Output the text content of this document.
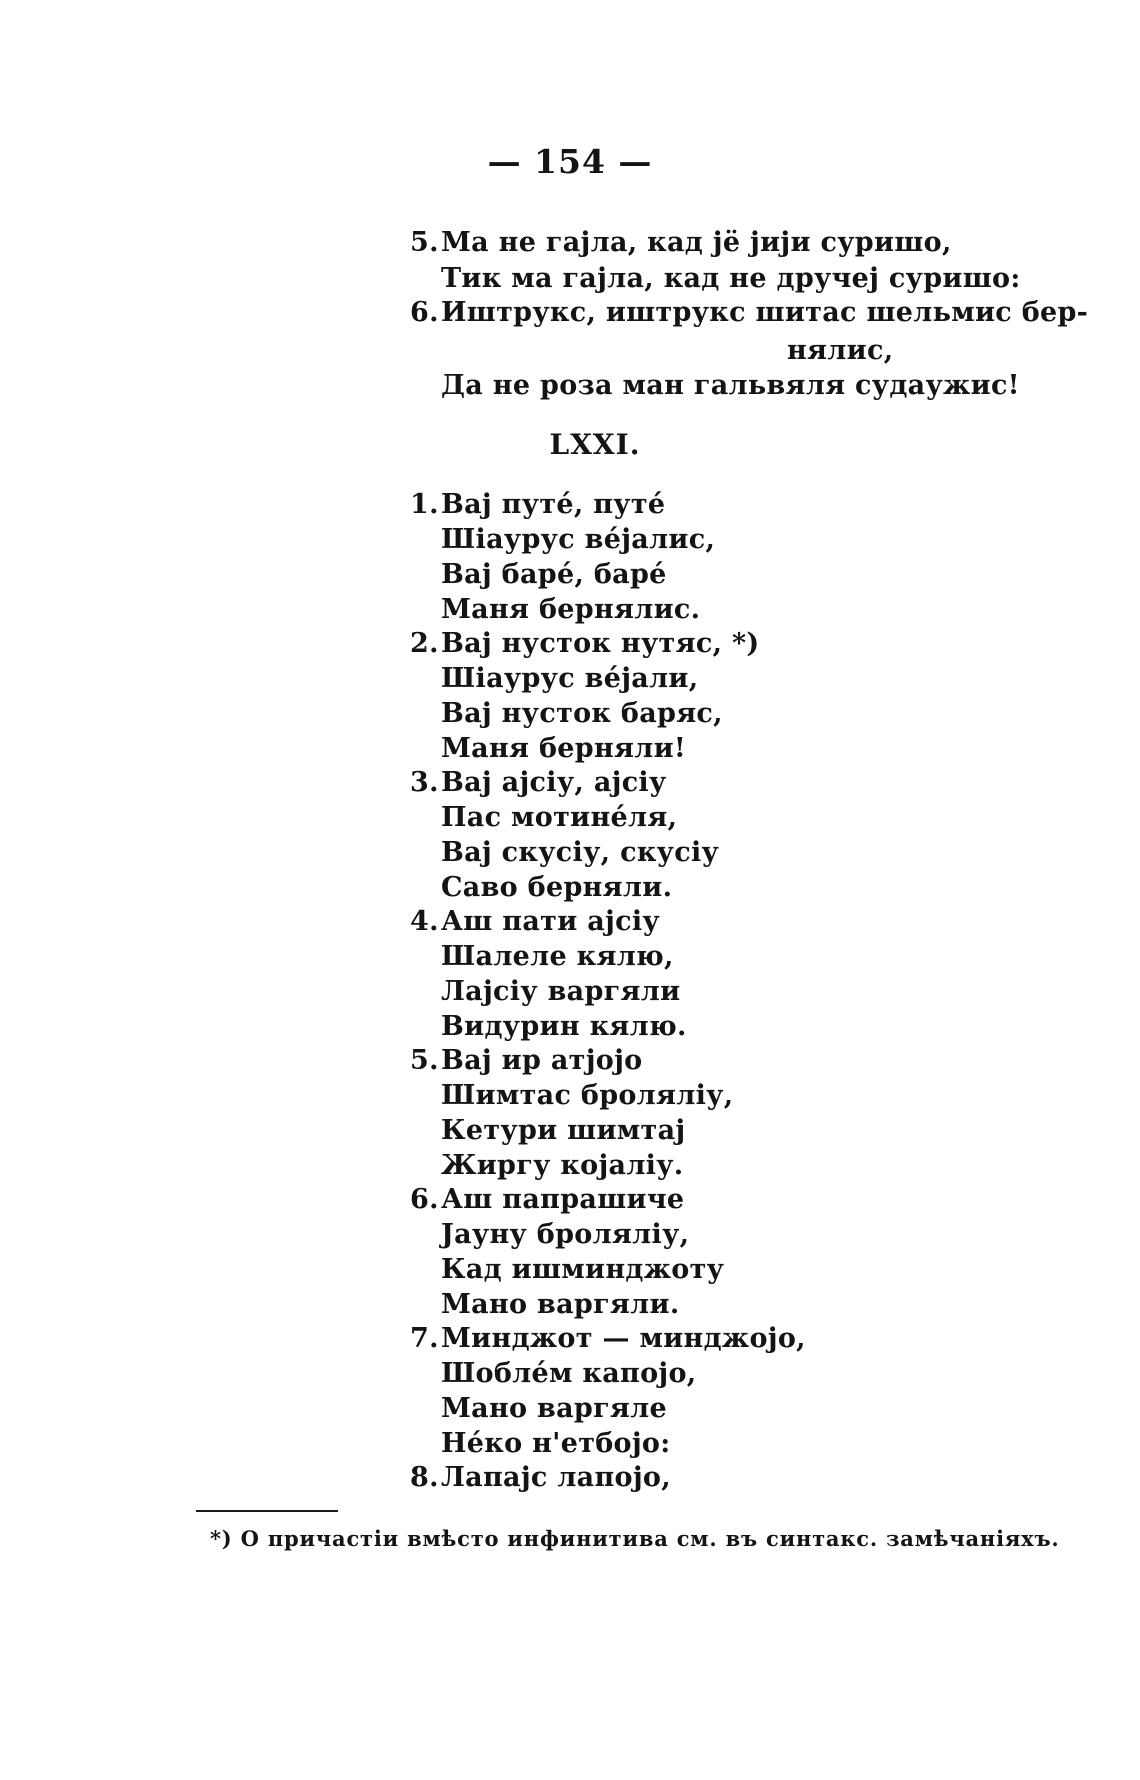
— 154 —
5. Ма не гајла, кад јё јији суришо,
Тик ма гајла, кад не дручеј суришо:
6. Иштрукс, иштрукс шитас шельмис бер-
нялис,
Да не роза ман гальвяля судаужис!
LXXI.
1. Вај путé, путé
Шіаурус вéјалис,
Вај барé, барé
Маня бернялис.
2. Вај нусток нутяс, *)
Шіаурус вéјали,
Вај нусток баряс,
Маня берняли!
3. Вај ајсіу, ајсіу
Пас мотинéля,
Вај скусіу, скусіу
Саво берняли.
4. Аш пати ајсіу
Шалеле кялю,
Лајсіу варгяли
Видурин кялю.
5. Вај ир атјојо
Шимтас броляліу,
Кетури шимтај
Жиргу којаліу.
6. Аш папрашиче
Јауну броляліу,
Кад ишминджоту
Мано варгяли.
7. Минджот — минджојо,
Шоблéм капојо,
Мано варгяле
Нéко н'етбојо:
8. Лапајс лапојо,
*) О причастіи вмѣсто инфинитива см. въ синтакс. замѣчаніяхъ.
